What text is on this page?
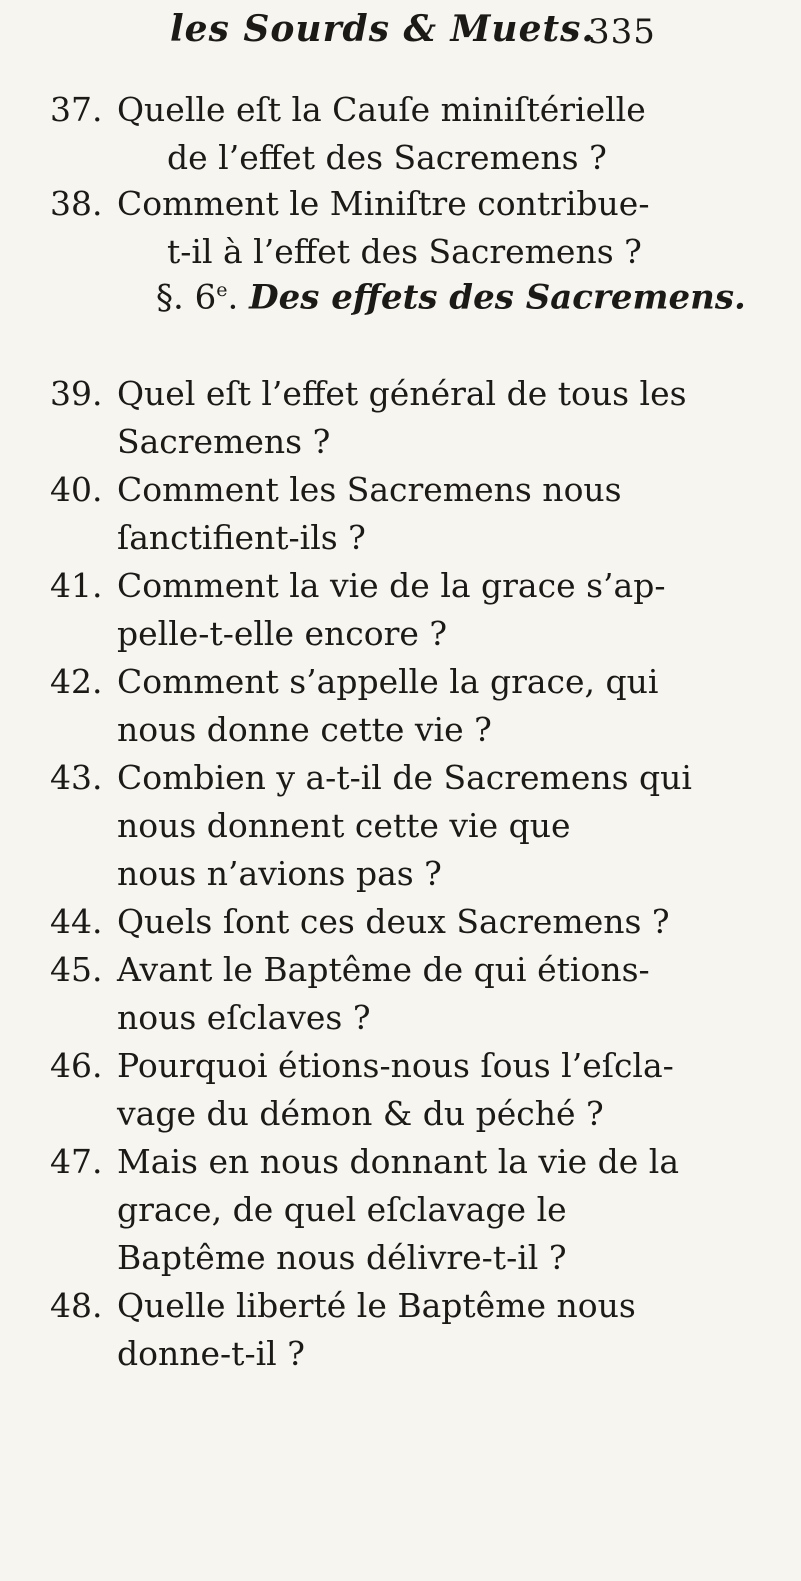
les Sourds & Muets.
335
37. Quelle eſt la Cauſe miniſtérielle
de l’effet des Sacremens ?
38. Comment le Miniſtre contribue-
t-il à l’effet des Sacremens ?
§. 6e. Des effets des Sacremens.
39. Quel eſt l’effet général de tous les
Sacremens ?
40. Comment les Sacremens nous
ſanctifient-ils ?
41. Comment la vie de la grace s’ap-
pelle-t-elle encore ?
42. Comment s’appelle la grace, qui
nous donne cette vie ?
43. Combien y a-t-il de Sacremens qui
nous donnent cette vie que
nous n’avions pas ?
44. Quels ſont ces deux Sacremens ?
45. Avant le Baptême de qui étions-
nous eſclaves ?
46. Pourquoi étions-nous ſous l’eſcla-
vage du démon & du péché ?
47. Mais en nous donnant la vie de la
grace, de quel eſclavage le
Baptême nous délivre-t-il ?
48. Quelle liberté le Baptême nous
donne-t-il ?
